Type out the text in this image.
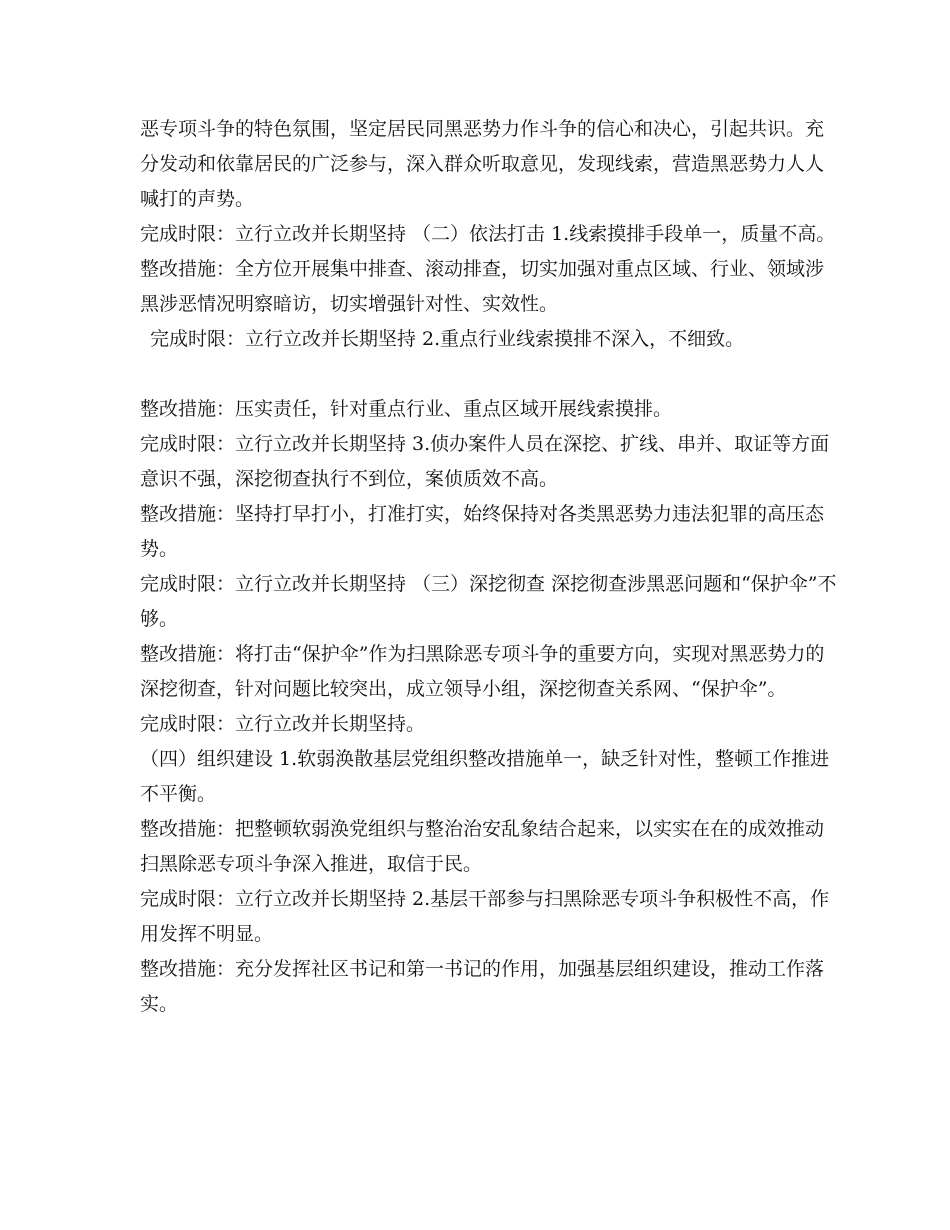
恶专项斗争的特色氛围，坚定居民同黑恶势力作斗争的信心和决心，引起共识。充分发动和依靠居民的广泛参与，深入群众听取意见，发现线索，营造黑恶势力人人喊打的声势。

完成时限：立行立改并长期坚持 （二）依法打击 1.线索摸排手段单一，质量不高。

整改措施：全方位开展集中排查、滚动排查，切实加强对重点区域、行业、领域涉黑涉恶情况明察暗访，切实增强针对性、实效性。

完成时限：立行立改并长期坚持 2.重点行业线索摸排不深入，不细致。

整改措施：压实责任，针对重点行业、重点区域开展线索摸排。

完成时限：立行立改并长期坚持 3.侦办案件人员在深挖、扩线、串并、取证等方面意识不强，深挖彻查执行不到位，案侦质效不高。

整改措施：坚持打早打小，打准打实，始终保持对各类黑恶势力违法犯罪的高压态势。

完成时限：立行立改并长期坚持 （三）深挖彻查 深挖彻查涉黑恶问题和“保护伞”不够。

整改措施：将打击“保护伞”作为扫黑除恶专项斗争的重要方向，实现对黑恶势力的深挖彻查，针对问题比较突出，成立领导小组，深挖彻查关系网、“保护伞”。

完成时限：立行立改并长期坚持。

（四）组织建设 1.软弱涣散基层党组织整改措施单一，缺乏针对性，整顿工作推进不平衡。

整改措施：把整顿软弱涣党组织与整治治安乱象结合起来，以实实在在的成效推动扫黑除恶专项斗争深入推进，取信于民。

完成时限：立行立改并长期坚持 2.基层干部参与扫黑除恶专项斗争积极性不高，作用发挥不明显。

整改措施：充分发挥社区书记和第一书记的作用，加强基层组织建设，推动工作落实。
